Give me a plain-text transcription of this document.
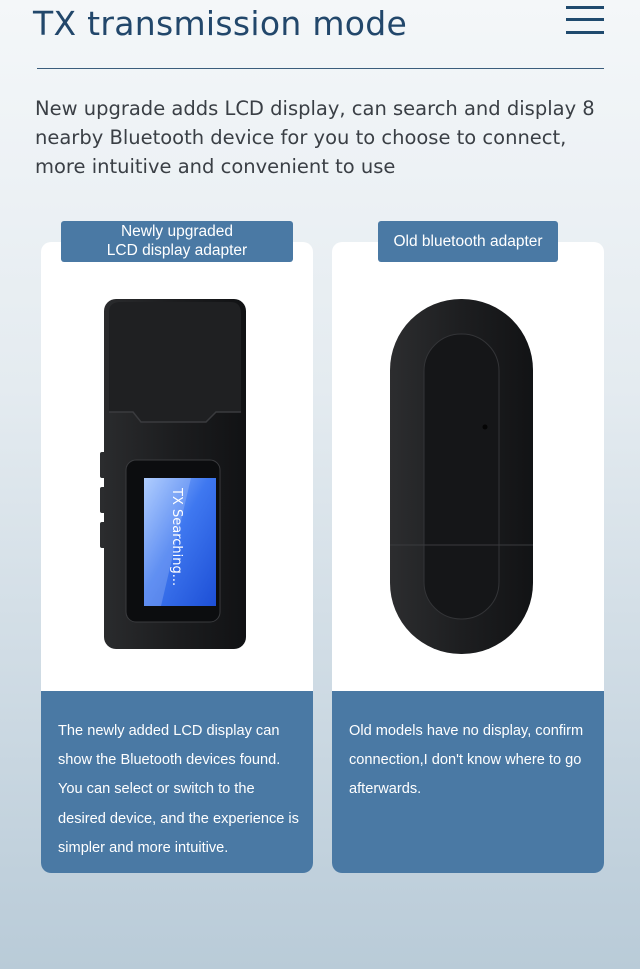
TX transmission mode

New upgrade adds LCD display, can search and display 8 nearby Bluetooth device for you to choose to connect, more intuitive and convenient to use

TX Searching...

The newly added LCD display can show the Bluetooth devices found. You can select or switch to the desired device, and the experience is simpler and more intuitive.

Newly upgraded
LCD display adapter

Old models have no display, confirm connection,I don't know where to go afterwards.

Old bluetooth adapter
